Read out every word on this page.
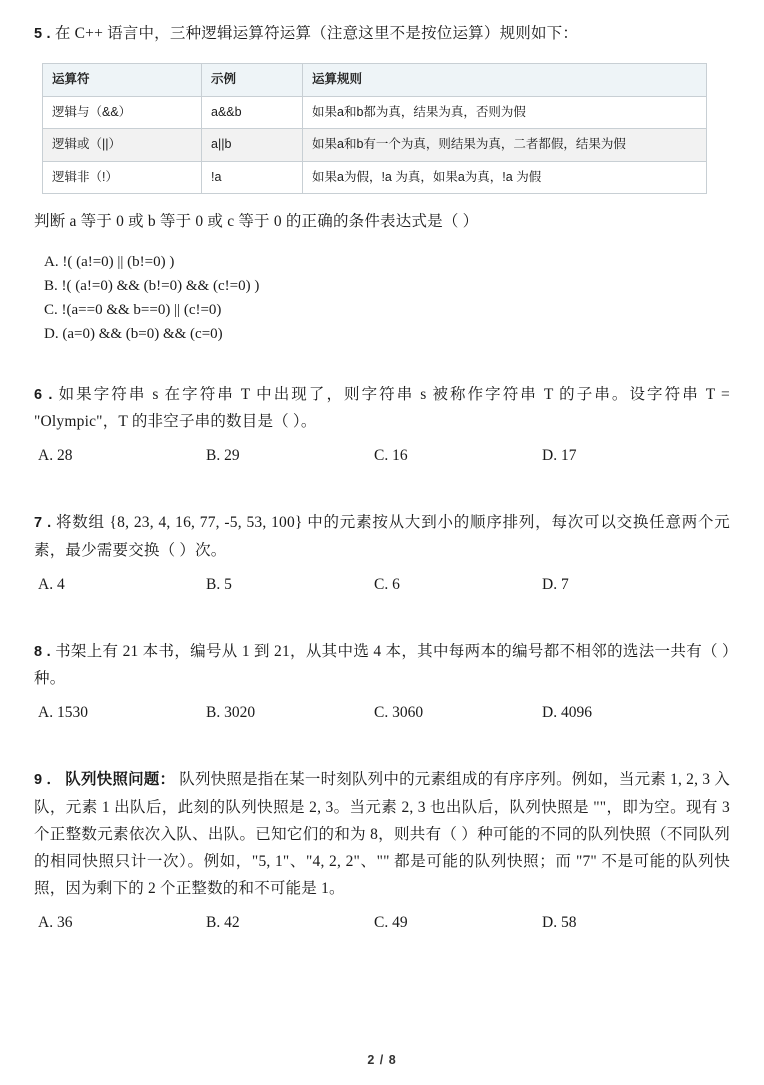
5 . 在 C++ 语言中，三种逻辑运算符运算（注意这里不是按位运算）规则如下：
运算符	示例	运算规则
逻辑与（&&）	a&&b	如果a和b都为真，结果为真，否则为假
逻辑或（||）	a||b	如果a和b有一个为真，则结果为真，二者都假，结果为假
逻辑非（!）	!a	如果a为假，!a 为真，如果a为真，!a 为假
判断 a 等于 0 或 b 等于 0 或 c 等于 0 的正确的条件表达式是（ ）
A. !( (a!=0) || (b!=0) )
B. !( (a!=0) && (b!=0) && (c!=0) )
C. !(a==0 && b==0) || (c!=0)
D. (a=0) && (b=0) && (c=0)
6 . 如果字符串 s 在字符串 T 中出现了，则字符串 s 被称作字符串 T 的子串。设字符串 T = "Olympic"，T 的非空子串的数目是（ ）。
A. 28	B. 29	C. 16	D. 17
7 . 将数组 {8, 23, 4, 16, 77, -5, 53, 100} 中的元素按从大到小的顺序排列，每次可以交换任意两个元素，最少需要交换（ ）次。
A. 4	B. 5	C. 6	D. 7
8 . 书架上有 21 本书，编号从 1 到 21，从其中选 4 本，其中每两本的编号都不相邻的选法一共有（ ）种。
A. 1530	B. 3020	C. 3060	D. 4096
9 ． 队列快照问题： 队列快照是指在某一时刻队列中的元素组成的有序序列。例如，当元素 1, 2, 3 入队，元素 1 出队后，此刻的队列快照是 2, 3。当元素 2, 3 也出队后，队列快照是 ""，即为空。现有 3 个正整数元素依次入队、出队。已知它们的和为 8，则共有（ ）种可能的不同的队列快照（不同队列的相同快照只计一次）。例如，"5, 1"、"4, 2, 2"、"" 都是可能的队列快照；而 "7" 不是可能的队列快照，因为剩下的 2 个正整数的和不可能是 1。
A. 36	B. 42	C. 49	D. 58
2 / 8
